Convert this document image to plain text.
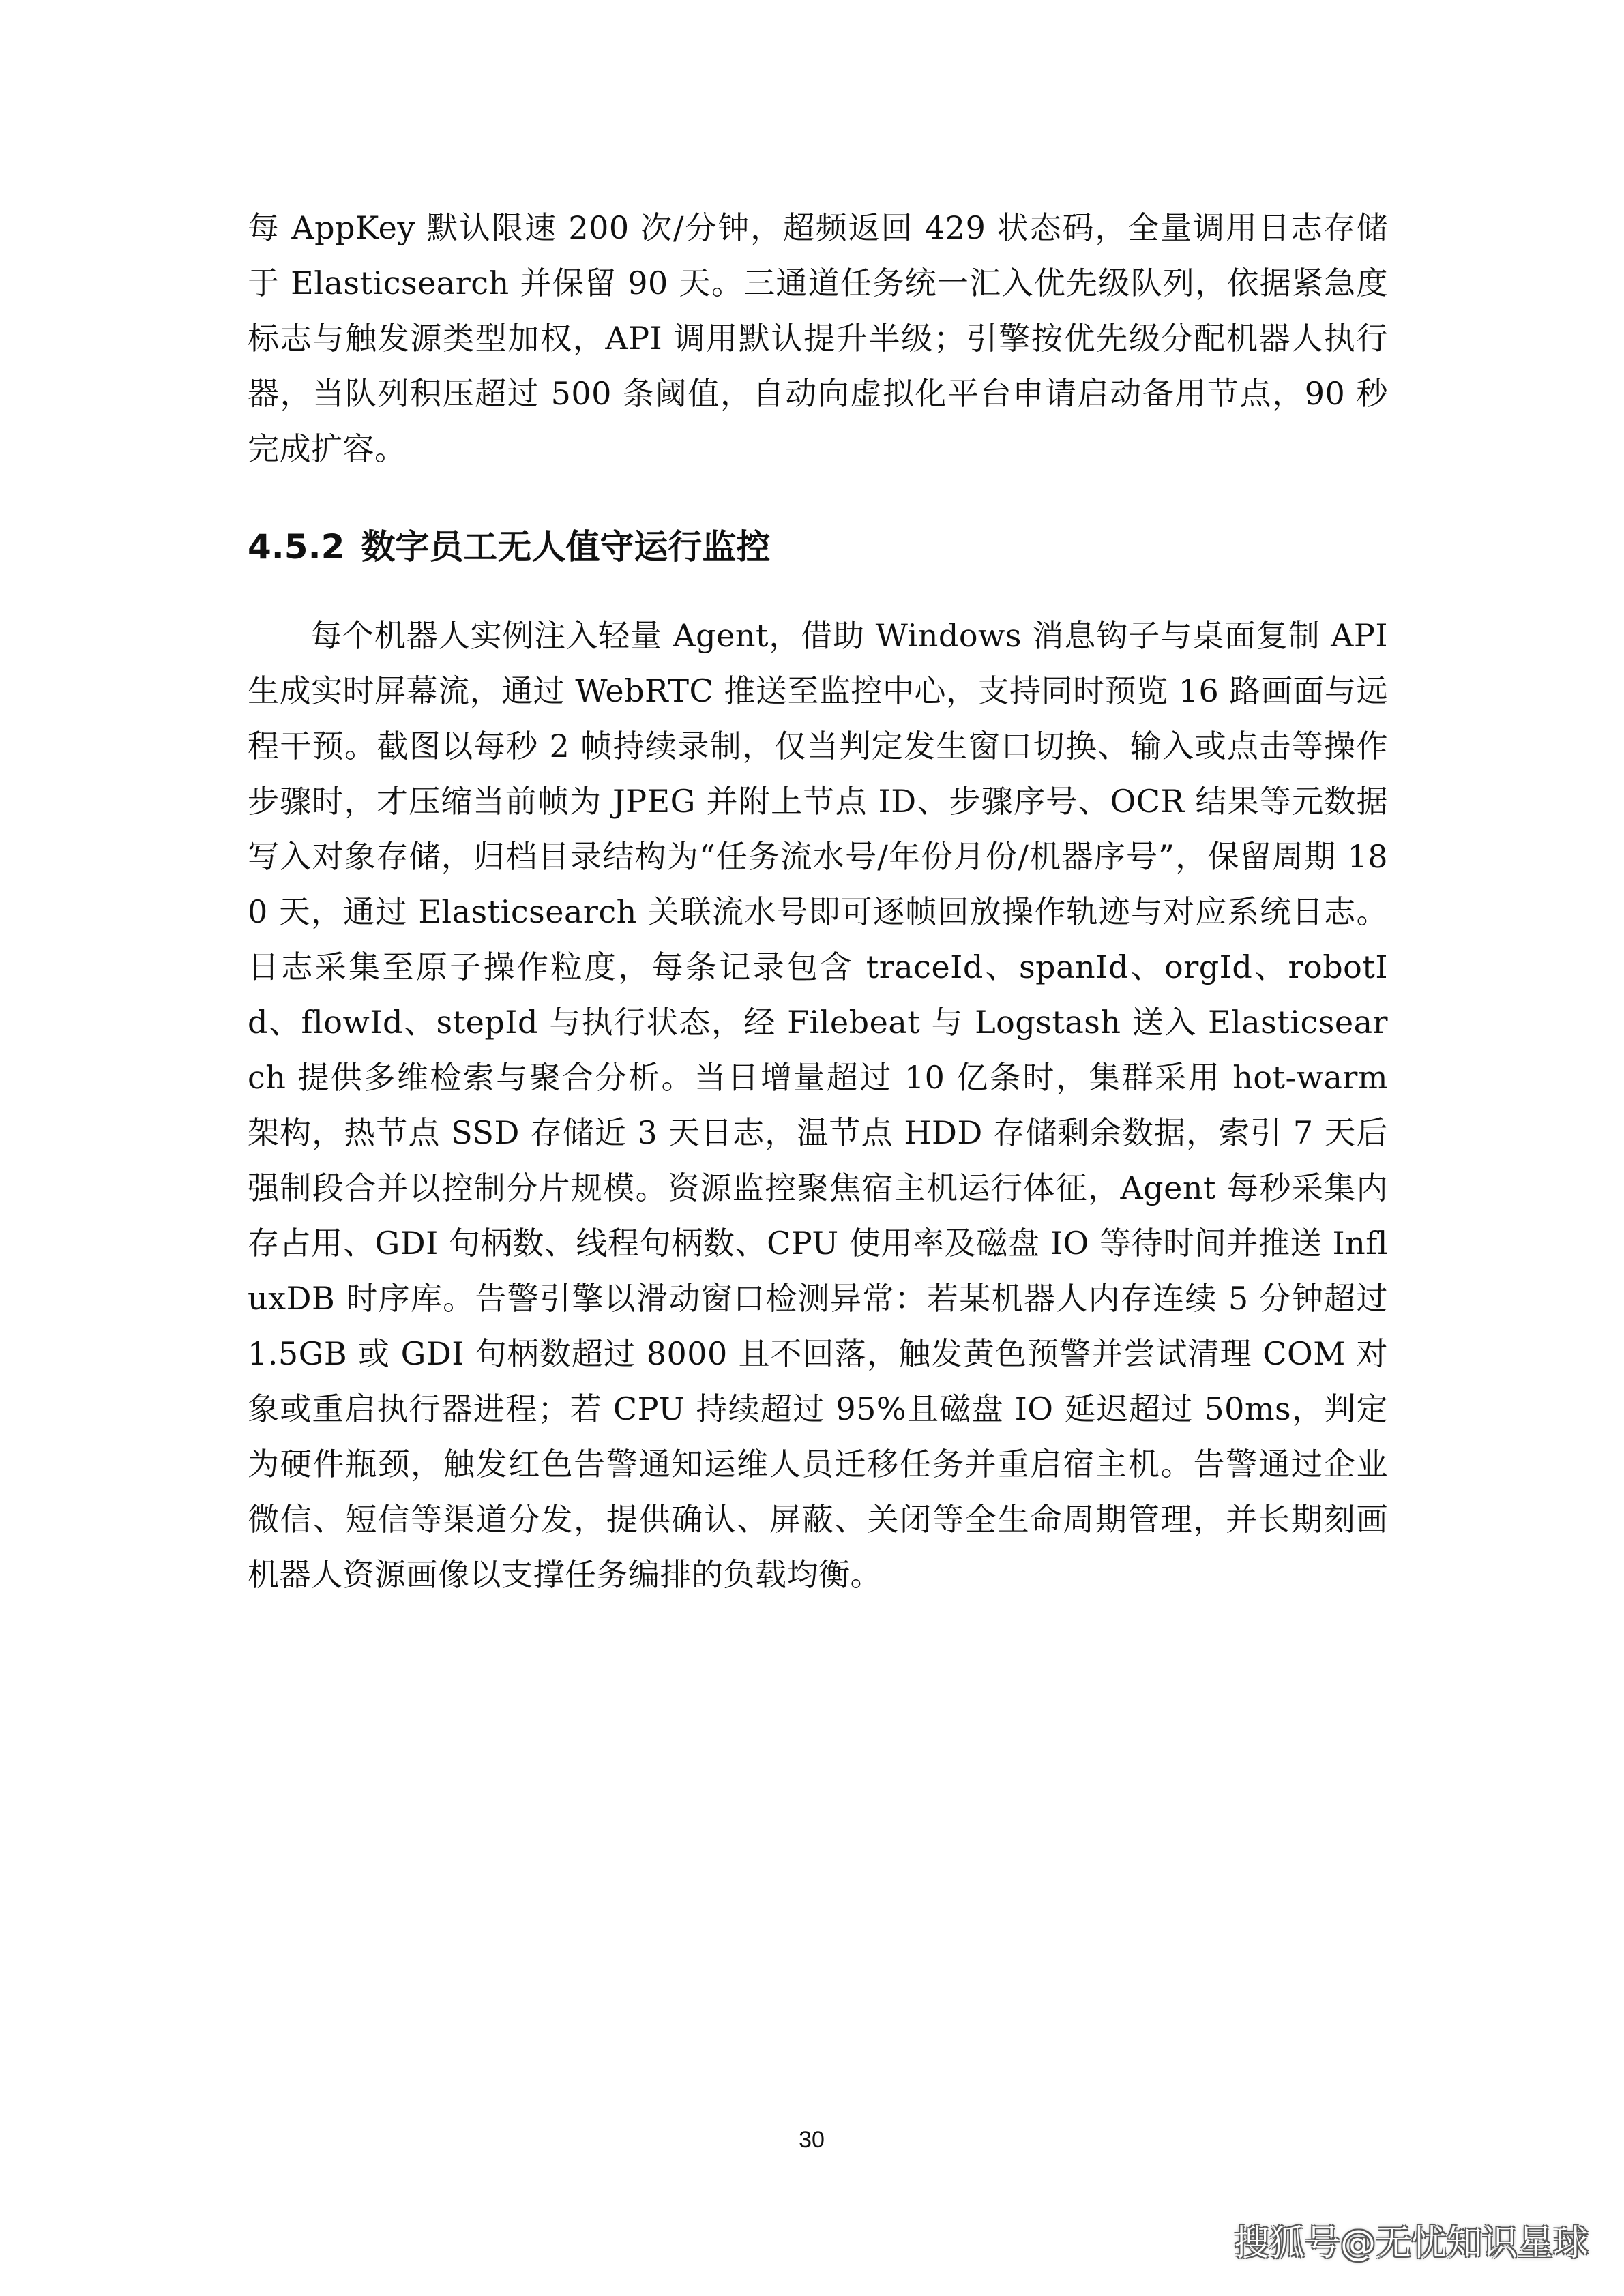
每 AppKey 默认限速 200 次/分钟，超频返回 429 状态码，全量调用日志存储于 Elasticsearch 并保留 90 天。三通道任务统一汇入优先级队列，依据紧急度标志与触发源类型加权，API 调用默认提升半级；引擎按优先级分配机器人执行器，当队列积压超过 500 条阈值，自动向虚拟化平台申请启动备用节点，90 秒完成扩容。

4.5.2 数字员工无人值守运行监控

每个机器人实例注入轻量 Agent，借助 Windows 消息钩子与桌面复制 API 生成实时屏幕流，通过 WebRTC 推送至监控中心，支持同时预览 16 路画面与远程干预。截图以每秒 2 帧持续录制，仅当判定发生窗口切换、输入或点击等操作步骤时，才压缩当前帧为 JPEG 并附上节点 ID、步骤序号、OCR 结果等元数据写入对象存储，归档目录结构为“任务流水号/年份月份/机器序号”，保留周期 180 天，通过 Elasticsearch 关联流水号即可逐帧回放操作轨迹与对应系统日志。日志采集至原子操作粒度，每条记录包含 traceId、spanId、orgId、robotId、flowId、stepId 与执行状态，经 Filebeat 与 Logstash 送入 Elasticsearch 提供多维检索与聚合分析。当日增量超过 10 亿条时，集群采用 hot-warm 架构，热节点 SSD 存储近 3 天日志，温节点 HDD 存储剩余数据，索引 7 天后强制段合并以控制分片规模。资源监控聚焦宿主机运行体征，Agent 每秒采集内存占用、GDI 句柄数、线程句柄数、CPU 使用率及磁盘 IO 等待时间并推送 InfluxDB 时序库。告警引擎以滑动窗口检测异常：若某机器人内存连续 5 分钟超过 1.5GB 或 GDI 句柄数超过 8000 且不回落，触发黄色预警并尝试清理 COM 对象或重启执行器进程；若 CPU 持续超过 95%且磁盘 IO 延迟超过 50ms，判定为硬件瓶颈，触发红色告警通知运维人员迁移任务并重启宿主机。告警通过企业微信、短信等渠道分发，提供确认、屏蔽、关闭等全生命周期管理，并长期刻画机器人资源画像以支撑任务编排的负载均衡。

30
搜狐号@无忧知识星球
